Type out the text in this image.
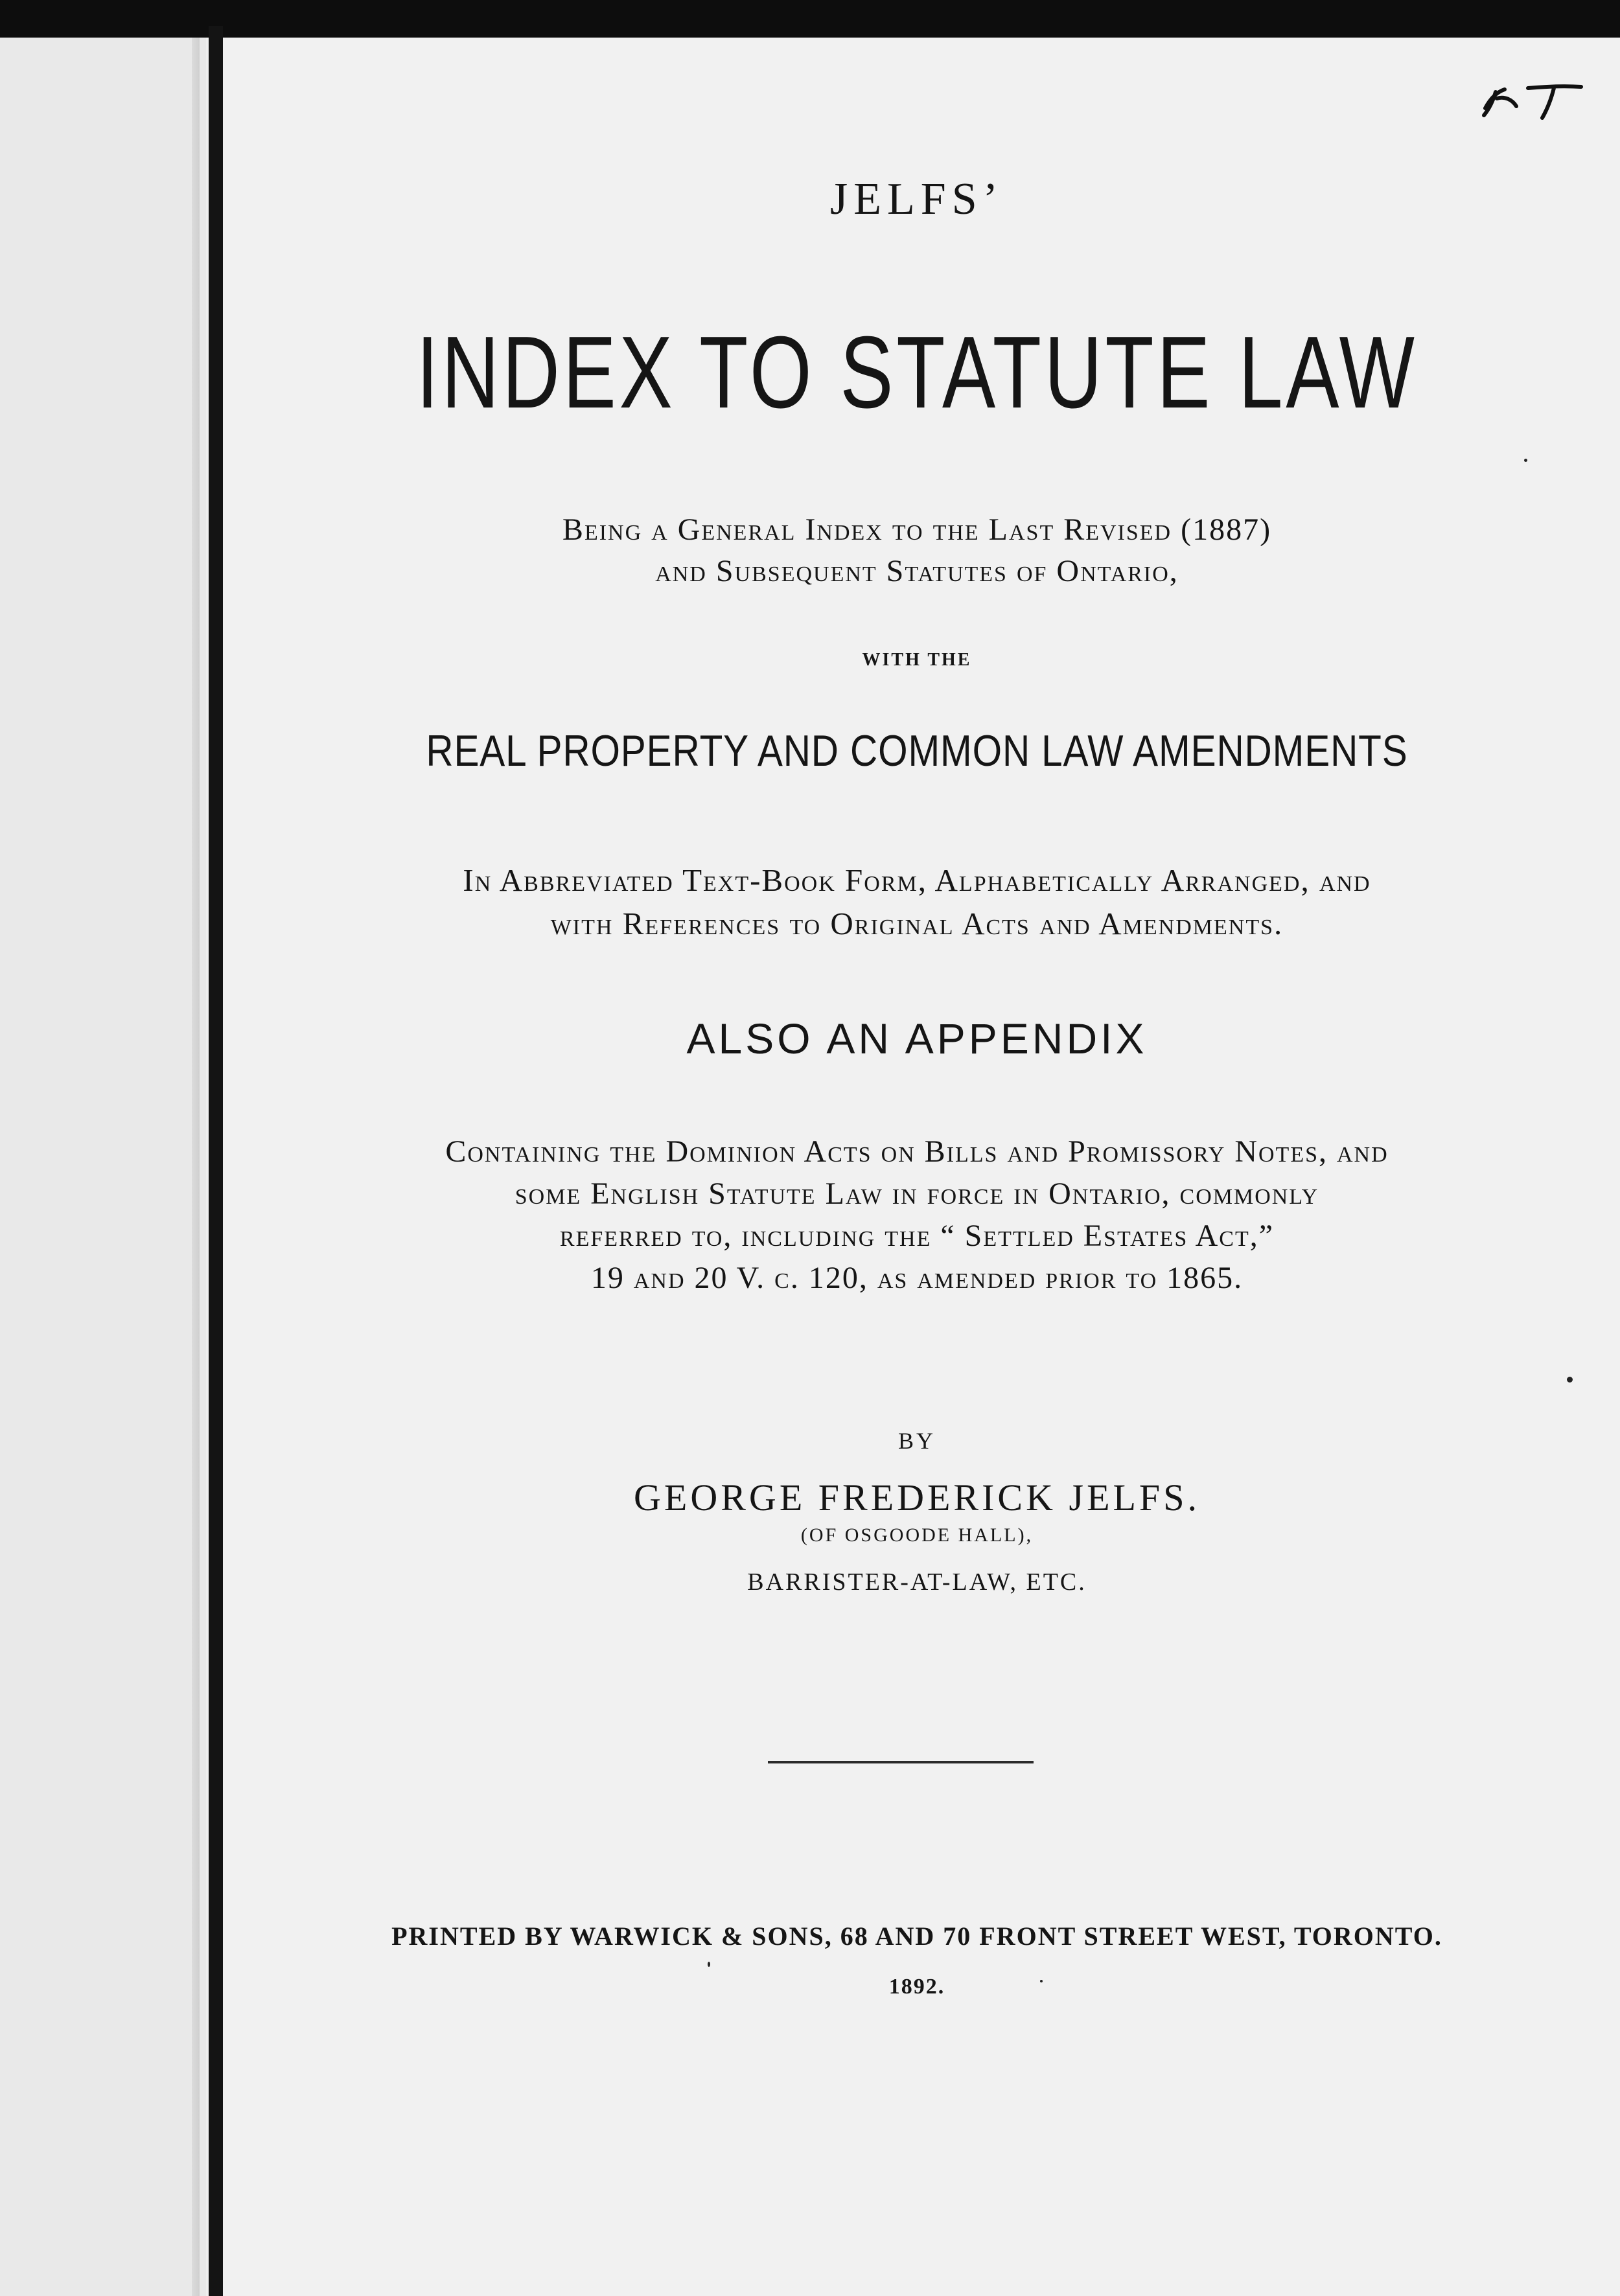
JELFS’
INDEX TO STATUTE LAW
Being a General Index to the Last Revised (1887)
and Subsequent Statutes of Ontario,
WITH THE
REAL PROPERTY AND COMMON LAW AMENDMENTS
In Abbreviated Text-Book Form, Alphabetically Arranged, and
with References to Original Acts and Amendments.
ALSO AN APPENDIX
Containing the Dominion Acts on Bills and Promissory Notes, and
some English Statute Law in force in Ontario, commonly
referred to, including the “ Settled Estates Act,”
19 and 20 V. c. 120, as amended prior to 1865.
BY
GEORGE FREDERICK JELFS.
(OF OSGOODE HALL),
BARRISTER-AT-LAW, ETC.
PRINTED BY WARWICK & SONS, 68 AND 70 FRONT STREET WEST, TORONTO.
1892.
